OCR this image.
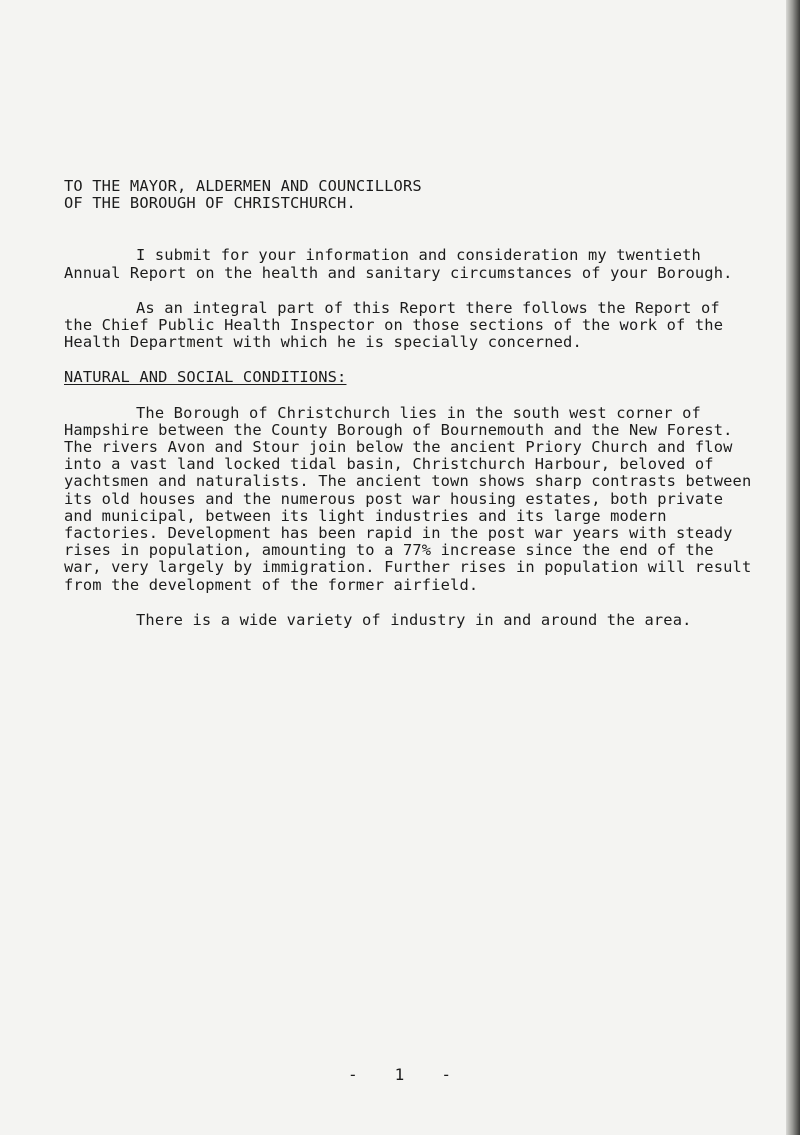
TO THE MAYOR, ALDERMEN AND COUNCILLORS

OF THE BOROUGH OF CHRISTCHURCH.

I submit for your information and consideration my twentieth Annual Report on the health and sanitary circumstances of your Borough.

As an integral part of this Report there follows the Report of the Chief Public Health Inspector on those sections of the work of the Health Department with which he is specially concerned.

NATURAL AND SOCIAL CONDITIONS:

The Borough of Christchurch lies in the south west corner of Hampshire between the County Borough of Bournemouth and the New Forest. The rivers Avon and Stour join below the ancient Priory Church and flow into a vast land locked tidal basin, Christchurch Harbour, beloved of yachtsmen and naturalists. The ancient town shows sharp contrasts between its old houses and the numerous post war housing estates, both private and municipal, between its light industries and its large modern factories. Development has been rapid in the post war years with steady rises in population, amounting to a 77% increase since the end of the war, very largely by immigration. Further rises in population will result from the development of the former airfield.

There is a wide variety of industry in and around the area.

- 1 -
